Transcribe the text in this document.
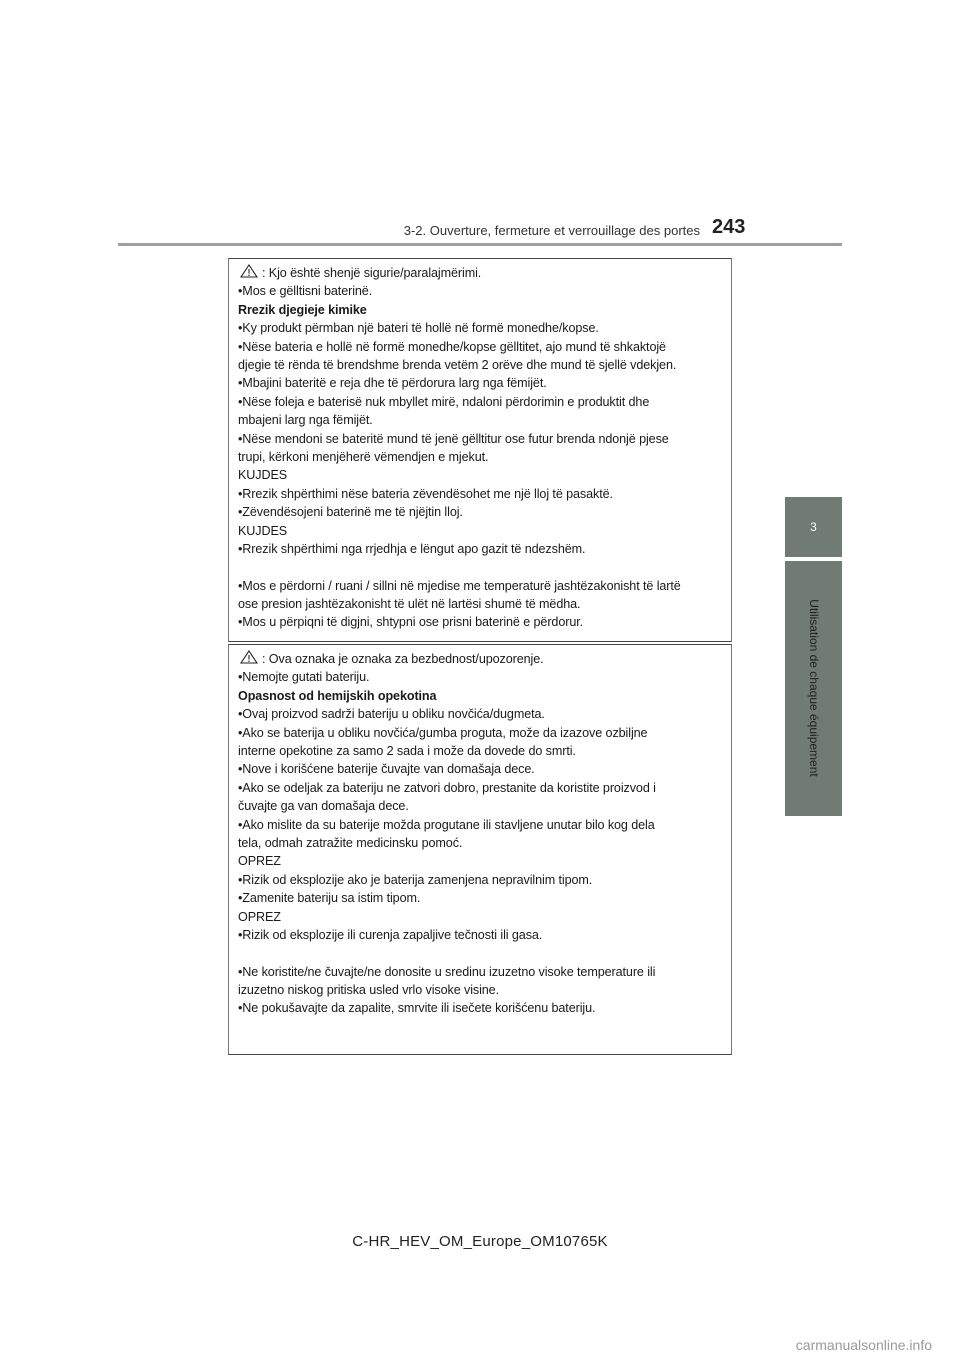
3-2. Ouverture, fermeture et verrouillage des portes 243
3
Utilisation de chaque équipement
: Kjo është shenjë sigurie/paralajmërimi.
•Mos e gëlltisni baterinë.
Rrezik djegieje kimike
•Ky produkt përmban një bateri të hollë në formë monedhe/kopse.
•Nëse bateria e hollë në formë monedhe/kopse gëlltitet, ajo mund të shkaktojë
djegie të rënda të brendshme brenda vetëm 2 orëve dhe mund të sjellë vdekjen.
•Mbajini bateritë e reja dhe të përdorura larg nga fëmijët.
•Nëse foleja e baterisë nuk mbyllet mirë, ndaloni përdorimin e produktit dhe
mbajeni larg nga fëmijët.
•Nëse mendoni se bateritë mund të jenë gëlltitur ose futur brenda ndonjë pjese
trupi, kërkoni menjëherë vëmendjen e mjekut.
KUJDES
•Rrezik shpërthimi nëse bateria zëvendësohet me një lloj të pasaktë.
•Zëvendësojeni baterinë me të njëjtin lloj.
KUJDES
•Rrezik shpërthimi nga rrjedhja e lëngut apo gazit të ndezshëm.
•Mos e përdorni / ruani / sillni në mjedise me temperaturë jashtëzakonisht të lartë
ose presion jashtëzakonisht të ulët në lartësi shumë të mëdha.
•Mos u përpiqni të digjni, shtypni ose prisni baterinë e përdorur.
: Ova oznaka je oznaka za bezbednost/upozorenje.
•Nemojte gutati bateriju.
Opasnost od hemijskih opekotina
•Ovaj proizvod sadrži bateriju u obliku novčića/dugmeta.
•Ako se baterija u obliku novčića/gumba proguta, može da izazove ozbiljne
interne opekotine za samo 2 sada i može da dovede do smrti.
•Nove i korišćene baterije čuvajte van domašaja dece.
•Ako se odeljak za bateriju ne zatvori dobro, prestanite da koristite proizvod i
čuvajte ga van domašaja dece.
•Ako mislite da su baterije možda progutane ili stavljene unutar bilo kog dela
tela, odmah zatražite medicinsku pomoć.
OPREZ
•Rizik od eksplozije ako je baterija zamenjena nepravilnim tipom.
•Zamenite bateriju sa istim tipom.
OPREZ
•Rizik od eksplozije ili curenja zapaljive tečnosti ili gasa.
•Ne koristite/ne čuvajte/ne donosite u sredinu izuzetno visoke temperature ili
izuzetno niskog pritiska usled vrlo visoke visine.
•Ne pokušavajte da zapalite, smrvite ili isečete korišćenu bateriju.
C-HR_HEV_OM_Europe_OM10765K
carmanualsonline.info
